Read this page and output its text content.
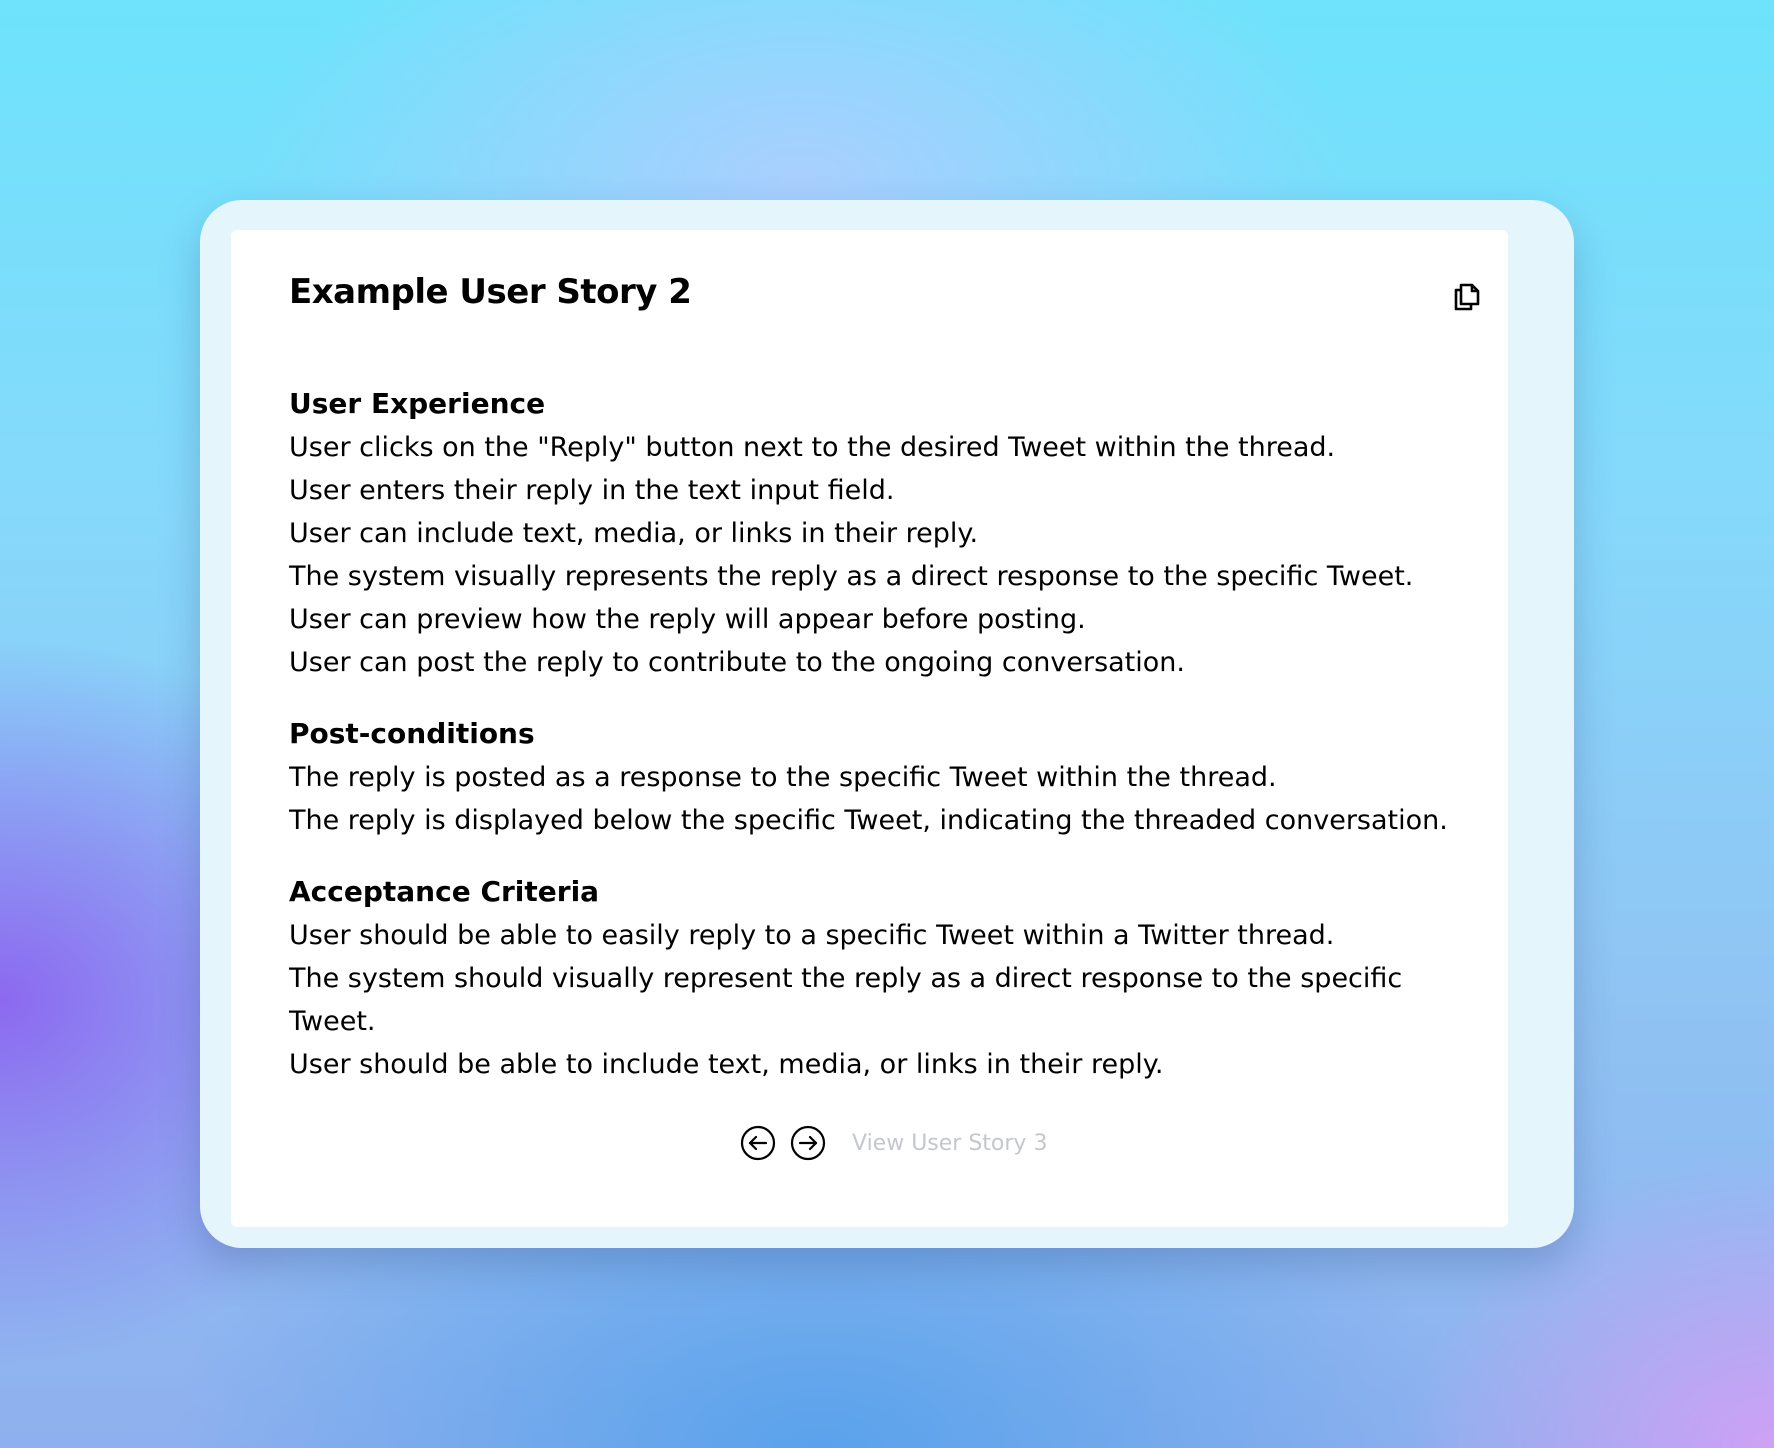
Example User Story 2

User Experience

User clicks on the "Reply" button next to the desired Tweet within the thread.

User enters their reply in the text input field.

User can include text, media, or links in their reply.

The system visually represents the reply as a direct response to the specific Tweet.

User can preview how the reply will appear before posting.

User can post the reply to contribute to the ongoing conversation.

Post-conditions

The reply is posted as a response to the specific Tweet within the thread.

The reply is displayed below the specific Tweet, indicating the threaded conversation.

Acceptance Criteria

User should be able to easily reply to a specific Tweet within a Twitter thread.

The system should visually represent the reply as a direct response to the specific Tweet.

User should be able to include text, media, or links in their reply.

View User Story 3
